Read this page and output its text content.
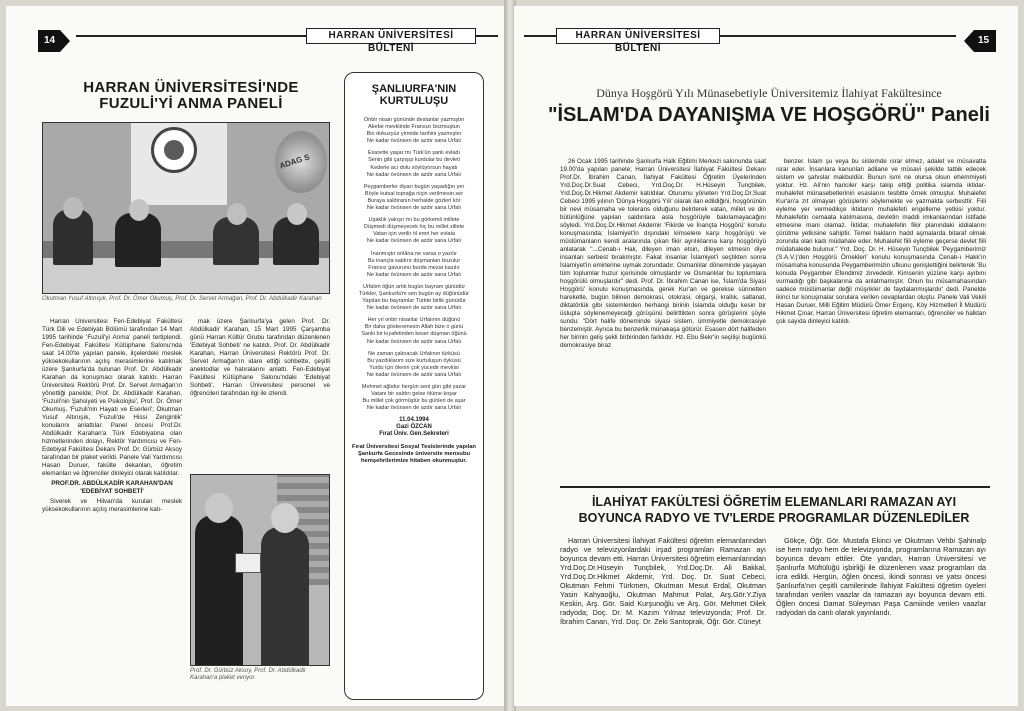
14	HARRAN ÜNİVERSİTESİ BÜLTENİ
HARRAN ÜNİVERSİTESİ'NDE
FUZULİ'Yİ ANMA PANELİ
ADAG S
Okutman Yusuf Altınışık, Prof. Dr. Ömer Okumuş, Prof. Dr. Servet Armağan, Prof. Dr. Abdülkadir Karahan

Harran Üniversitesi Fen-Edebiyat Fakültesi Türk Dili ve Edebiyatı Bölümü tarafından 14 Mart 1995 tarihinde 'Fuzuli'yi Anma' paneli tertiplendi. Fen-Edebiyat Fakültesi Kütüphane Salonu'nda saat 14.00'te yapılan panele, ilçelerdeki meslek yüksekokullarının açılış merasimlerine katılmak üzere Şanlıurfa'da bulunan Prof. Dr. Abdülkadir Karahan da konuşmacı olarak katıldı. Harran Üniversitesi Rektörü Prof. Dr. Servet Armağan'ın yönettiği panelde; Prof. Dr. Abdülkadir Karahan, 'Fuzuli'nin Şahsiyeti ve Psikolojisi', Prof. Dr. Ömer Okumuş, 'Fuzuli'nin Hayatı ve Eserleri'; Okutman Yusuf Altınışık, 'Fuzuli'de Hissi Zenginlik' konularını anlattılar. Panel öncesi Prof.Dr. Abdülkadir Karahan'a Türk Edebiyatına olan hizmetlerinden dolayı, Rektör Yardımcısı ve Fen-Edebiyat Fakültesi Dekanı Prof. Dr. Gürbüz Aksoy tarafından bir plaket verildi. Panele Vali Yardımcısı Hasan Duruer, fakülte dekanları, öğretim elemanları ve öğrenciler dinleyici olarak katıldılar.

PROF.DR. ABDÜLKADİR KARAHAN'DAN 'EDEBİYAT SOHBETİ'

Siverek ve Hilvan'da kurulan meslek yüksekokullarının açılış merasimlerine katı-

mak üzere Şanlıurfa'ya gelen Prof. Dr. Abdülkadir Karahan, 15 Mart 1995 Çarşamba günü Harran Kültür Grubu tarafından düzenlenen 'Edebiyat Sohbeti' ne katıldı. Prof. Dr. Abdülkadir Karahan, Harran Üniversitesi Rektörü Prof. Dr. Servet Armağan'ın idare ettiği sohbette, çeşitli anektodlar ve hatıralarını anlattı. Fen-Edebiyat Fakültesi Kütüphane Salonu'ndaki 'Edebiyat Sohbeti', Harran Üniversitesi personel ve öğrencileri tarafından ilgi ile izlendi.

Prof. Dr. Gürbüz Aksoy, Prof. Dr. Abdülkadir Karahan'a plaket veriyor.
ŞANLIURFA'NIN
KURTULUŞU
Onbir nisan gününde destanlar yazmıştın
Akebe mevkiinde Fransızı bozmuştun
Bin dokuzyüz yirmide tarihini yazmıştın
Ne kadar övünsen de azdır sana Urfalı
Esarette yaşar mı Türk'ün şanlı evladı
Senin gibi çarpışıp kurdular bu devleti
Kederle acı dolu söylüyorsun hayatı
Ne kadar övünsen de azdır sana Urfalı
Peygamberler diyarı bugün yaşadığın yer
Böyle kutsal toprağa niçin verilmesin ser
Buraya saldıranın herhalde gözleri kör
Ne kadar övünsen de azdır sana Urfalı
Uşaklık yakışır mı bu görkemli millete
Düşmedi düşmeyecek hiç bu millet zillete
Vatan için verilir öl emri her evlata
Ne kadar övünsen de azdır sana Urfalı
İnanmıştır onlâna ne varsa o yazılır
Bu inançla saldırır düşmanları bozulur
Fransız gavurunu burda mezar kazılır
Ne kadar övünsen de azdır sana Urfalı
Urfalım öğün artık bugün bayram günüdür
Türkler, Şanlıurfa'm sen bugün ay düğünüdür
Yapılan bu bayramlar Türkte birlik günüdür
Ne kadar övünsen de azdır sana Urfalı
Her yıl onbir nisanlar Urfalının düğünü
Bir daha gösteremesin Allah bize o günü
Sanki bir kıyafetinden keser düşman öğünü
Ne kadar övünsen de azdır sana Urfalı
Ne zaman çalınacak Urfalının türküsü
Bu yazdıklarım size kurtuluşun öyküsü
Yurdu için ölenin çok yücedir mevkisi
Ne kadar övünsen de azdır sana Urfalı
Mehmet ağlıdur hergün seni gün gibi yazar
Vatanı bir saldırı gelse ölüme koşar
Bu millet çok görmüştür bu günleri de aşar
Ne kadar övünsen de azdır sana Urfalı
11.04.1994
Gazi ÖZCAN
Fırat Üniv. Gen.Sekreteri
Fırat Üniversitesi Sosyal Tesislerinde yapılan Şanlıurfa Gecesinde üniversite mensubu hemşehrilerimize hitaben okunmuştur.
HARRAN ÜNİVERSİTESİ BÜLTENİ
15
Dünya Hoşgörü Yılı Münasebetiyle Üniversitemiz İlahiyat Fakültesince
"İSLAM'DA DAYANIŞMA VE HOŞGÖRÜ" Paneli

26 Ocak 1995 tarihinde Şanlıurfa Halk Eğitimi Merkezi salonunda saat 19.00'da yapılan panele; Harran Üniversitesi İlahiyat Fakültesi Dekanı Prof.Dr. İbrahim Canan, İlahiyat Fakültesi Öğretim Üyelerinden Yrd.Doç.Dr.Suat Cebeci, Yrd.Doç.Dr. H.Hüseyin Tunçbilek, Yrd.Doç.Dr.Hikmet Akdemir katıldılar. Oturumu yöneten Yrd.Doç.Dr.Suat Cebeci 1995 yılının 'Dünya Hoşgörü Yılı' olarak ilan edildiğini, hoşgörünün bir nevi müsamaha ve tolerans olduğunu belirterek vatan, millet ve din bütünlüğüne yapılan saldırılara asla hoşgörüyle bakılamayacağını söyledi. Yrd.Doç.Dr.Hikmet Akdemir 'Fikirde ve İnançta Hoşgörü' konulu konuşmasında; İslamiyet'in dışındaki kimselere karşı hoşgörüyü ve müslümanların kendi aralarında çıkan fikir ayrılıklarına karşı hoşgörüyü anlatarak "...Cenab-ı Hak, dileyen iman etsin, dileyen etmesin diye insanları serbest bırakmıştır. Fakat insanlar İslamiyet'i seçtikten sonra İslamiyet'in emirlerine uymak zorundadır. Osmanlılar döneminde yaşayan tüm toplumlar huzur içerisinde olmuşlardır ve Osmanlılar bu toplumlara hoşgörülü olmuşlardır" dedi. Prof. Dr. İbrahim Canan ise, 'İslam'da Siyasi Hoşgörü' konulu konuşmasında, gerek Kur'an ve gerekse sünnetten hareketle, bugün bilinen demokrasi, otokrasi, oligarşi, krallık, saltanat, diktatörlük gibi sistemlerden herhangi birinin İslamda olduğu kesin bir üslupla söylenemeyeceği görüşünü belirttikten sonra görüşlerini şöyle sundu: "Dört halife döneminde siyasi sistem, ümmiyetle demokrasiye benzemiştir. Ayrıca bu benzerlik münakaşa götürür. Esasen dört halifeden her birinin geliş şekli birbirinden farklıdır. Hz. Ebu Bekr'in seçilişi bugünkü demokrasiye biraz

benzer. İslam şu veya bu sistemde ısrar etmez, adalet ve müsavatta ısrar eder. İnsanlara kanunları adilane ve müsavi şekilde tatbik edecek sistem ve şahıslar makbuldür. Bunun ismi ne olursa olsun ehemmiyeti yoktur. Hz. Ali'nin hariciler karşı takip ettiği politika islamda iktidar-muhalefet münasebetlerinin esaslarını tesbitte örnek olmuştur. Muhalefet Kur'an'a zıt olmayan görüşlerini söylemekte ve yazmakta serbesttir. Fiili eyleme yer vermedikçe iktidarın muhalefeti engelleme yetkisi yoktur. Muhalefetin cemaata katılmasına, devletin maddi imkanlarından istifade etmesine mani olamaz. İktidar, muhalefetin fikir planındaki iddialarını çürütme yetkisine sahiptir. Temel hakların hadd aşmalarda bitaraf olmak zorunda olan kadı müdahale eder. Muhalefet fiili eyleme geçerse devlet fiili müdahalede bulunur." Yrd. Doç. Dr. H. Hüseyin Tunçbilek 'Peygamberimiz (S.A.V.)'den Hoşgörü Örnekleri' konulu konuşmasında Cenab-ı Hakk'ın müsamaha konusunda Peygamberimizin ufkunu genişlettiğini belirterek 'Bu konuda Peygamber Efendimiz zirvededir. Kimsenin yüzüne karşı ayıbını vurmadığı gibi başkalarına da anlatmamıştır. Onun bu müsamahasından sadece müslümanlar değil müşrikler de faydalanmışlardır' dedi. Panelde ikinci tur konuşmalar sorulara verilen cevaplardan oluştu. Panele Vali Vekili Hasan Duruer, Milli Eğitim Müdürü Ömer Ergenç, Köy Hizmetleri İl Müdürü Hikmet Çınar, Harran Üniversitesi öğretim elemanları, öğrenciler ve halktan çok sayıda dinleyici katıldı.

İLAHİYAT FAKÜLTESİ ÖĞRETİM ELEMANLARI RAMAZAN AYI
BOYUNCA RADYO VE TV'LERDE PROGRAMLAR DÜZENLEDİLER

Harran Üniversitesi İlahiyat Fakültesi öğretim elemanlarından radyo ve televizyonlardaki irşad programları Ramazan ayı boyunca devam etti. Harran Üniversitesi öğretim elemanlarından Yrd.Doç.Dr.Hüseyin Tunçbilek, Yrd.Doç.Dr. Ali Bakkal, Yrd.Doç.Dr.Hikmet Akdemir, Yrd. Doç. Dr. Suat Cebeci, Okutman Fehmi Türkmen, Okutman Mesut Erdal, Okutman Yasin Kahyaoğlu, Okutman Mahmut Polat, Arş.Gör.Y.Ziya Keskin, Arş. Gör. Said Kurşunoğlu ve Arş. Gör. Mehmet Dilek radyoda; Doç. Dr. M. Kazım Yılmaz televizyonda; Prof. Dr. İbrahim Canan, Yrd. Doç. Dr. Zeki Sarıtoprak, Öğr. Gör. Cüneyt

Gökçe, Öğr. Gör. Mustafa Ekinci ve Okutman Vehbi Şahinalp ise hem radyo hem de televizyonda, programlarına Ramazan ayı boyunca devam ettiler. Öte yandan, Harran Üniversitesi ve Şanlıurfa Müftülüğü işbirliği ile düzenlenen vaaz programları da icra edildi. Hergün, öğlen öncesi, ikindi sonrası ve yatsı öncesi Şanlıurfa'nın çeşitli camilerinde İlahiyat Fakültesi öğretim üyeleri tarafından verilen vaazlar da ramazan ayı boyunca devam etti. Öğlen öncesi Damat Süleyman Paşa Camiinde verilen vaazlar radyodan da canlı olarak yayınlandı.
